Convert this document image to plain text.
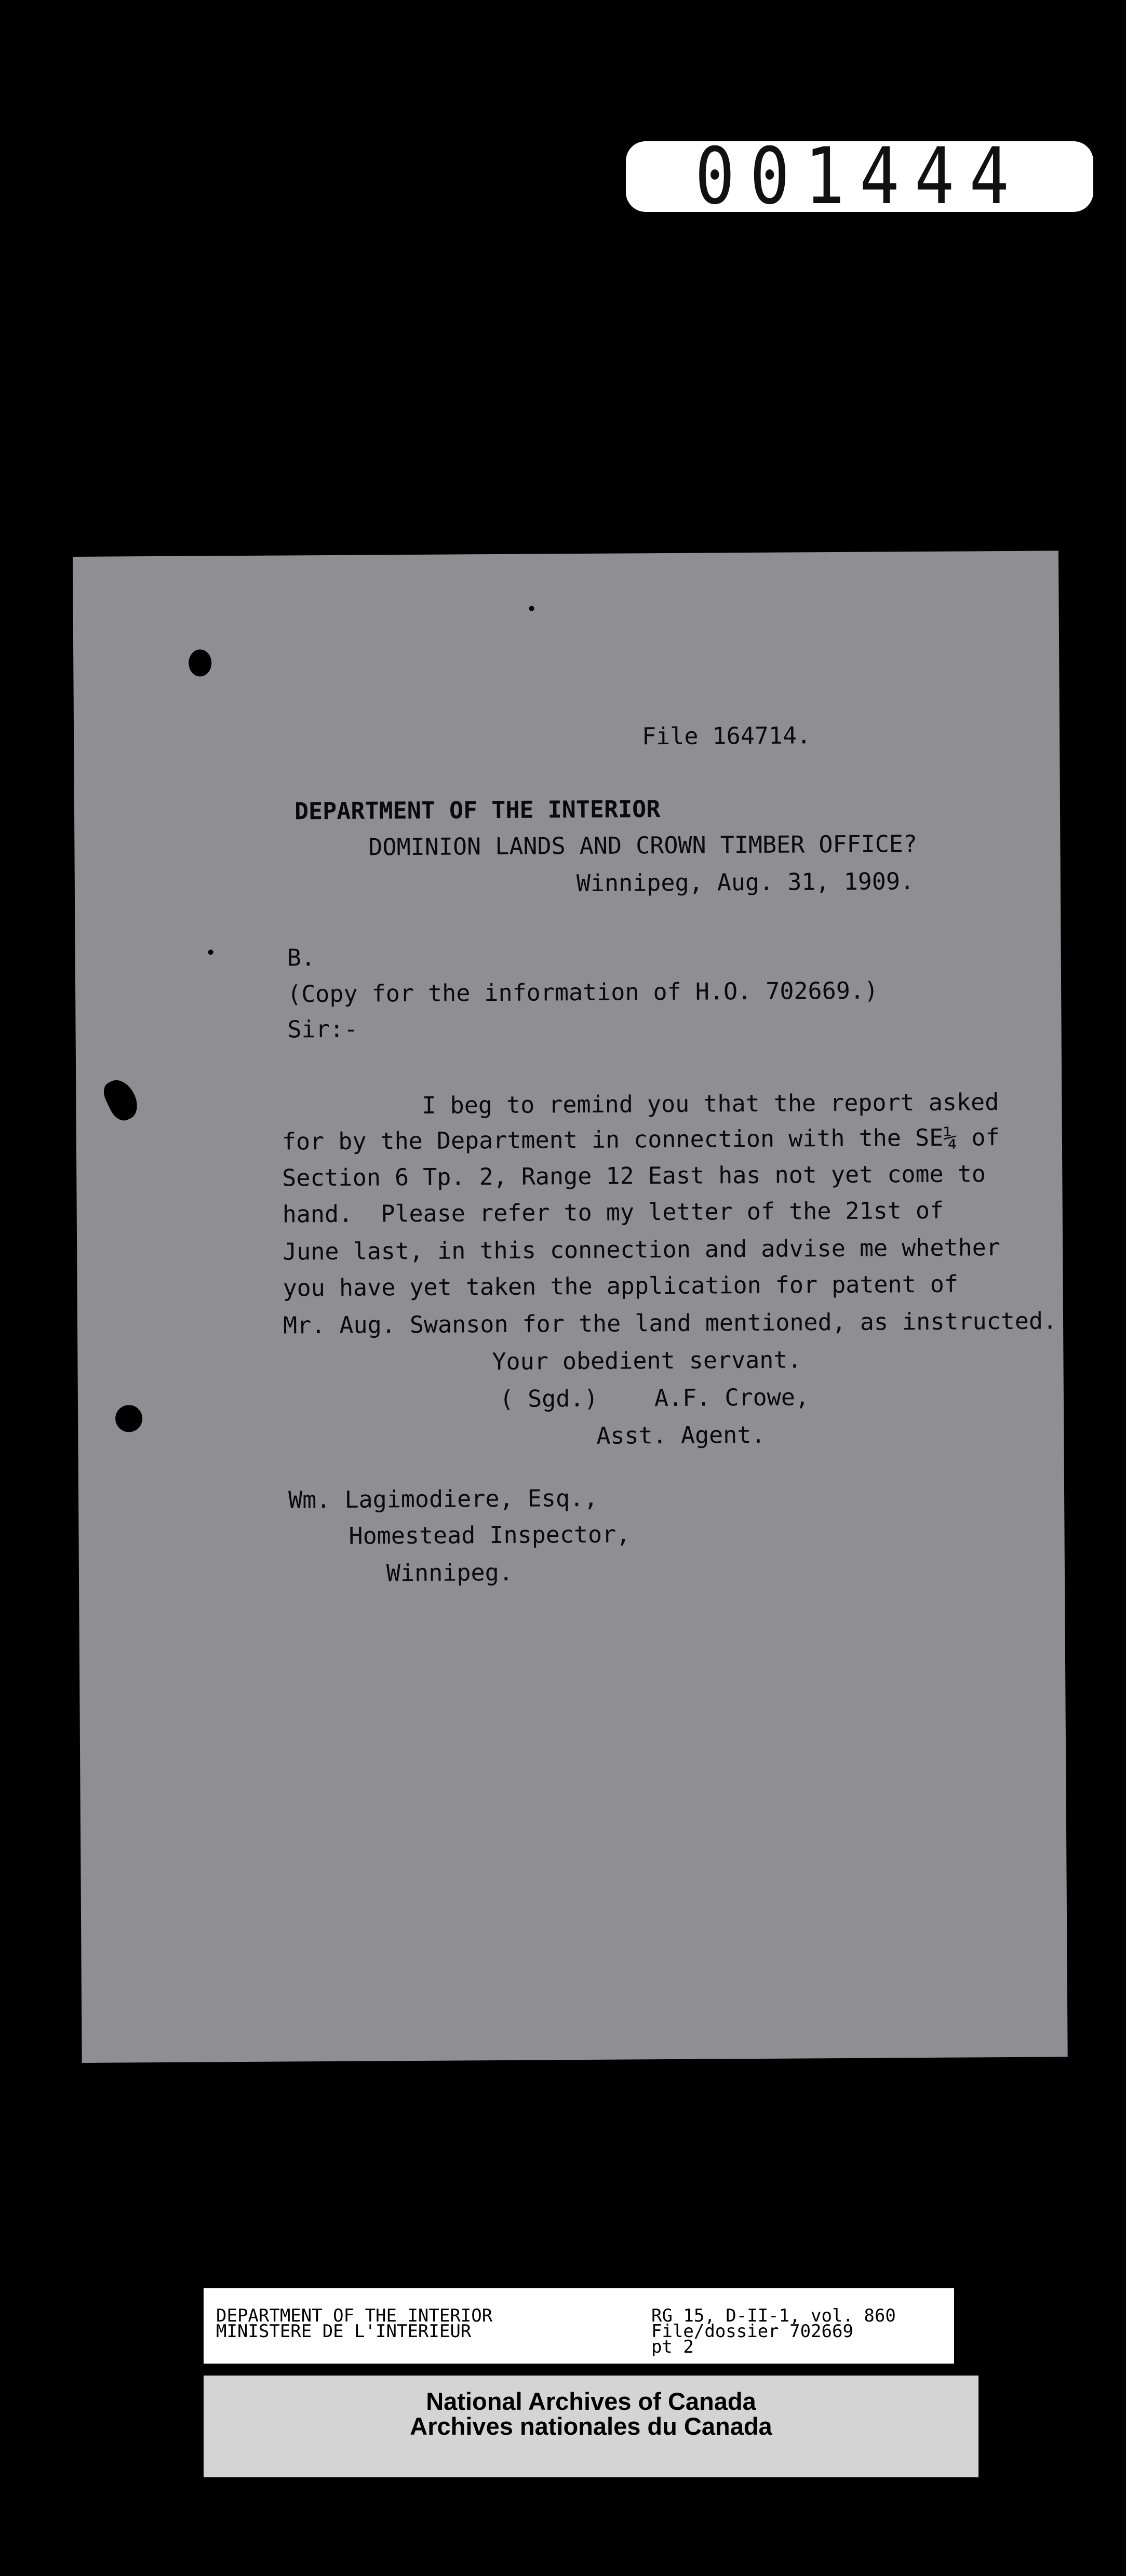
001444

File 164714.

DEPARTMENT OF THE INTERIOR

DOMINION LANDS AND CROWN TIMBER OFFICE?

Winnipeg, Aug. 31, 1909.

B.

(Copy for the information of H.O. 702669.)

Sir:-

I beg to remind you that the report asked

for by the Department in connection with the SE¼ of

Section 6 Tp. 2, Range 12 East has not yet come to

hand.  Please refer to my letter of the 21st of

June last, in this connection and advise me whether

you have yet taken the application for patent of

Mr. Aug. Swanson for the land mentioned, as instructed.

Your obedient servant.

( Sgd.)    A.F. Crowe,

Asst. Agent.

Wm. Lagimodiere, Esq.,

Homestead Inspector,

Winnipeg.

DEPARTMENT OF THE INTERIOR
MINISTERE DE L'INTERIEUR
RG 15, D-II-1, vol. 860
File/dossier 702669
pt 2
National Archives of Canada
Archives nationales du Canada
